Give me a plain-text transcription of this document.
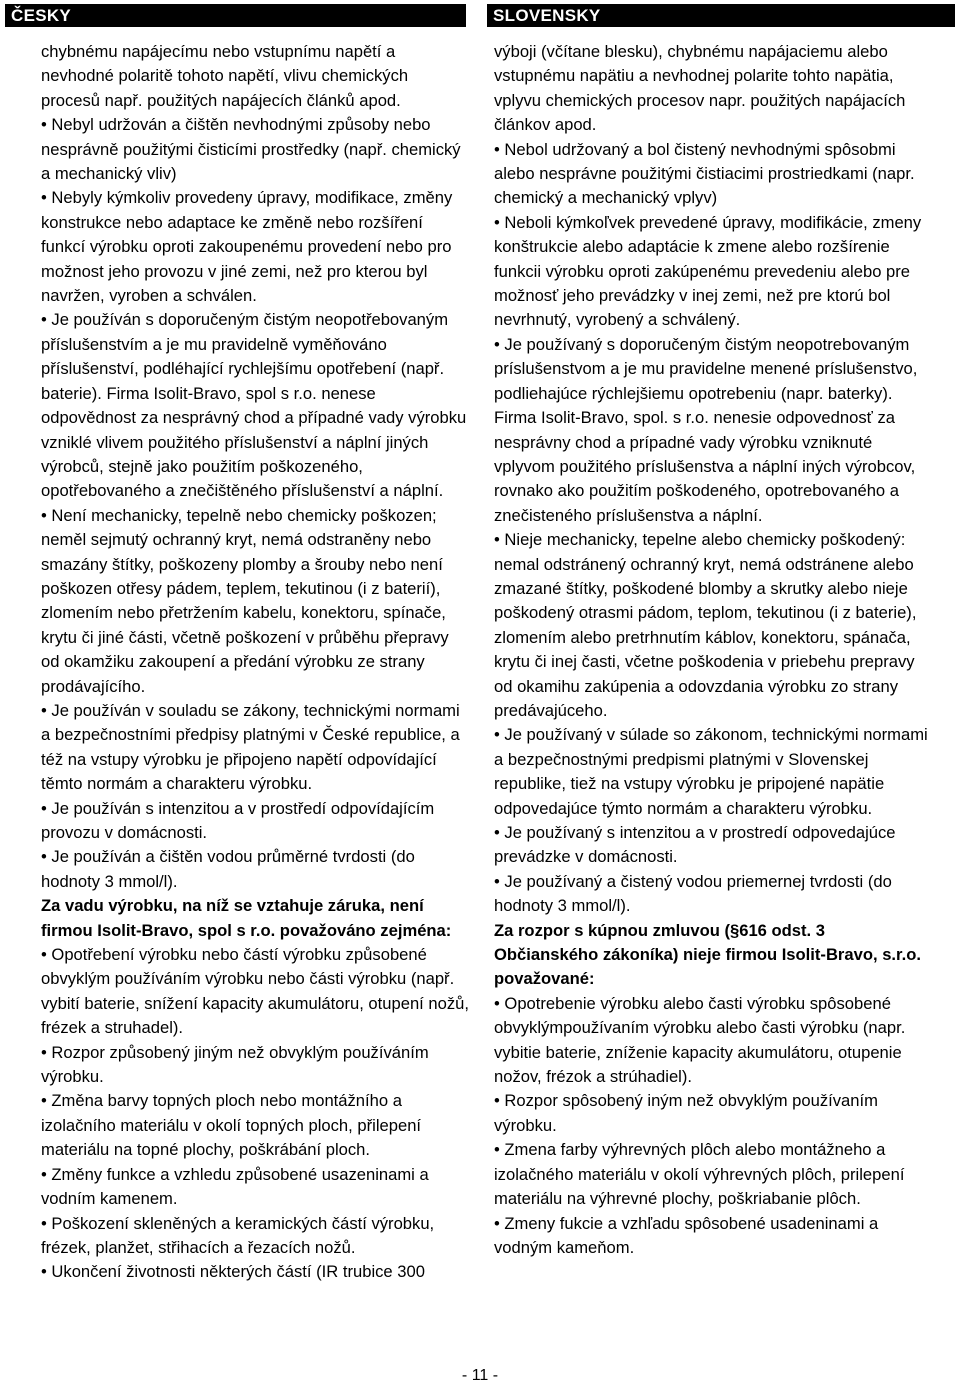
ČESKY	SLOVENSKY

chybnému napájecímu nebo vstupnímu napětí a nevhodné polaritě tohoto napětí, vlivu chemických procesů např. použitých napájecích článků apod.

• Nebyl udržován a čištěn nevhodnými způsoby nebo nesprávně použitými čisticími prostředky (např. chemický a mechanický vliv)

• Nebyly kýmkoliv provedeny úpravy, modifikace, změny

konstrukce nebo adaptace ke změně nebo rozšíření funkcí výrobku oproti zakoupenému provedení nebo pro možnost jeho provozu v jiné zemi, než pro kterou byl navržen, vyroben a schválen.

• Je používán s doporučeným čistým neopotřebovaným příslušenstvím a je mu pravidelně vyměňováno příslušenství, podléhající rychlejšímu opotřebení (např. baterie). Firma Isolit-Bravo, spol s r.o. nenese odpovědnost za nesprávný chod a případné vady výrobku vzniklé vlivem použitého příslušenství a náplní jiných výrobců, stejně jako použitím poškozeného, opotřebovaného a znečištěného příslušenství a náplní.

• Není mechanicky, tepelně nebo chemicky poškozen; neměl sejmutý ochranný kryt, nemá odstraněny nebo smazány štítky, poškozeny plomby a šrouby nebo není poškozen otřesy pádem, teplem, tekutinou (i z baterií), zlomením nebo přetržením kabelu, konektoru, spínače, krytu či jiné části, včetně poškození v průběhu přepravy od okamžiku zakoupení a předání výrobku ze strany prodávajícího.

• Je používán v souladu se zákony, technickými normami a bezpečnostními předpisy platnými v České republice, a též na vstupy výrobku je připojeno napětí odpovídající těmto normám a charakteru výrobku.

• Je používán s intenzitou a v prostředí odpovídajícím provozu v domácnosti.

• Je používán a čištěn vodou průměrné tvrdosti (do hodnoty 3 mmol/l).

Za vadu výrobku, na níž se vztahuje záruka, není firmou Isolit-Bravo, spol s r.o. považováno zejména:

• Opotřebení výrobku nebo částí výrobku způsobené obvyklým používáním výrobku nebo části výrobku (např. vybití baterie, snížení kapacity akumulátoru, otupení nožů, frézek a struhadel).

• Rozpor způsobený jiným než obvyklým používáním výrobku.

• Změna barvy topných ploch nebo montážního a izolačního materiálu v okolí topných ploch, přilepení materiálu na topné plochy, poškrábání ploch.

• Změny funkce a vzhledu způsobené usazeninami a vodním kamenem.

• Poškození skleněných a keramických částí výrobku, frézek, planžet, střihacích a řezacích nožů.

• Ukončení životnosti některých částí (IR trubice 300

výboji (včítane blesku), chybnému napájaciemu alebo vstupnému napätiu a nevhodnej polarite tohto napätia, vplyvu chemických procesov napr. použitých napájacích článkov apod.

• Nebol udržovaný a bol čistený nevhodnými spôsobmi alebo nesprávne použitými čistiacimi prostriedkami (napr. chemický a mechanický vplyv)

• Neboli kýmkoľvek prevedené úpravy, modifikácie, zmeny konštrukcie alebo adaptácie k zmene alebo rozšírenie funkcii výrobku oproti zakúpenému prevedeniu alebo pre možnosť jeho prevádzky v inej zemi, než pre ktorú bol nevrhnutý, vyrobený a schválený.

• Je používaný s doporučeným čistým neopotrebovaným príslušenstvom a je mu pravidelne menené príslušenstvo, podliehajúce rýchlejšiemu opotrebeniu (napr. baterky). Firma Isolit-Bravo, spol. s r.o. nenesie odpovednosť za nesprávny chod a prípadné vady výrobku vzniknuté vplyvom použitého príslušenstva a náplní iných výrobcov, rovnako ako použitím poškodeného, opotrebovaného a znečisteného príslušenstva a náplní.

• Nieje mechanicky, tepelne alebo chemicky poškodený: nemal odstránený ochranný kryt, nemá odstránene alebo zmazané štítky, poškodené blomby a skrutky alebo nieje poškodený otrasmi pádom, teplom, tekutinou (i z baterie), zlomením alebo pretrhnutím káblov, konektoru, spánača, krytu či inej časti, včetne poškodenia v priebehu prepravy od okamihu zakúpenia a odovzdania výrobku zo strany predávajúceho.

• Je používaný v súlade so zákonom, technickými normami a bezpečnostnými predpismi platnými v Slovenskej republike, tiež na vstupy výrobku je pripojené napätie odpovedajúce týmto normám a charakteru výrobku.

• Je používaný s intenzitou a v prostredí odpovedajúce prevádzke v domácnosti.

• Je používaný a čistený vodou priemernej tvrdosti (do hodnoty 3 mmol/l).

Za rozpor s kúpnou zmluvou (§616 odst. 3 Občianského zákoníka) nieje firmou Isolit-Bravo, s.r.o. považované:

• Opotrebenie výrobku alebo časti výrobku spôsobené obvyklýmpoužívaním výrobku alebo časti výrobku (napr. vybitie baterie, zníženie kapacity akumulátoru, otupenie nožov, frézok a strúhadiel).

• Rozpor spôsobený iným než obvyklým používaním výrobku.

• Zmena farby výhrevných plôch alebo montážneho a izolačného materiálu v okolí výhrevných plôch, prilepení materiálu na výhrevné plochy, poškriabanie plôch.

• Zmeny fukcie a vzhľadu spôsobené usadeninami a vodným kameňom.

- 11 -
